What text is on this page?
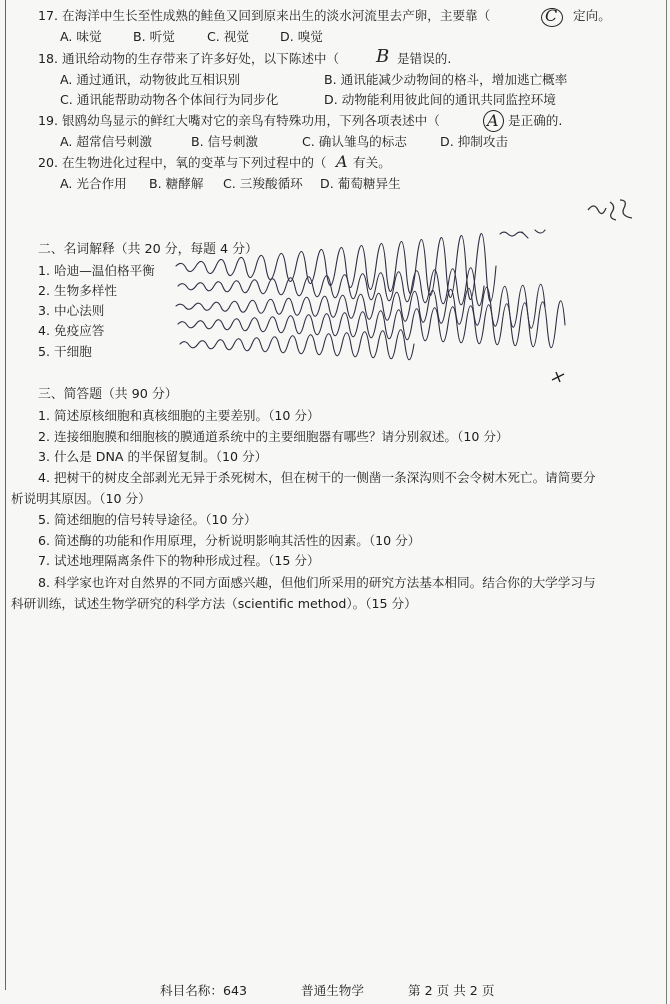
17. 在海洋中生长至性成熟的鲑鱼又回到原来出生的淡水河流里去产卵，主要靠（	C 定向。
A. 味觉 B. 听觉	C. 视觉 D. 嗅觉
18. 通讯给动物的生存带来了许多好处，以下陈述中（ B 是错误的.
A. 通过通讯，动物彼此互相识别	B. 通讯能减少动物间的格斗，增加逃亡概率
C. 通讯能帮助动物各个体间行为同步化	D. 动物能利用彼此间的通讯共同监控环境
19. 银鸥幼鸟显示的鲜红大嘴对它的亲鸟有特殊功用，下列各项表述中（	A 是正确的.
A. 超常信号刺激	B. 信号刺激	C. 确认雏鸟的标志	D. 抑制攻击
20. 在生物进化过程中，氧的变革与下列过程中的（ A 有关。
A. 光合作用 B. 糖酵解 C. 三羧酸循环 D. 葡萄糖异生
二、名词解释（共 20 分，每题 4 分）
1. 哈迪—温伯格平衡
2. 生物多样性
3. 中心法则
4. 免疫应答
5. 干细胞
三、简答题（共 90 分）
1. 简述原核细胞和真核细胞的主要差别。（10 分）
2. 连接细胞膜和细胞核的膜通道系统中的主要细胞器有哪些？请分别叙述。（10 分）
3. 什么是 DNA 的半保留复制。（10 分）
4. 把树干的树皮全部剥光无异于杀死树木，但在树干的一侧凿一条深沟则不会令树木死亡。请简要分
析说明其原因。（10 分）
5. 简述细胞的信号转导途径。（10 分）
6. 简述酶的功能和作用原理，分析说明影响其活性的因素。（10 分）
7. 试述地理隔离条件下的物种形成过程。（15 分）
8. 科学家也许对自然界的不同方面感兴趣，但他们所采用的研究方法基本相同。结合你的大学学习与
科研训练，试述生物学研究的科学方法（scientific method）。（15 分）
科目名称：643	普通生物学	第 2 页 共 2 页
